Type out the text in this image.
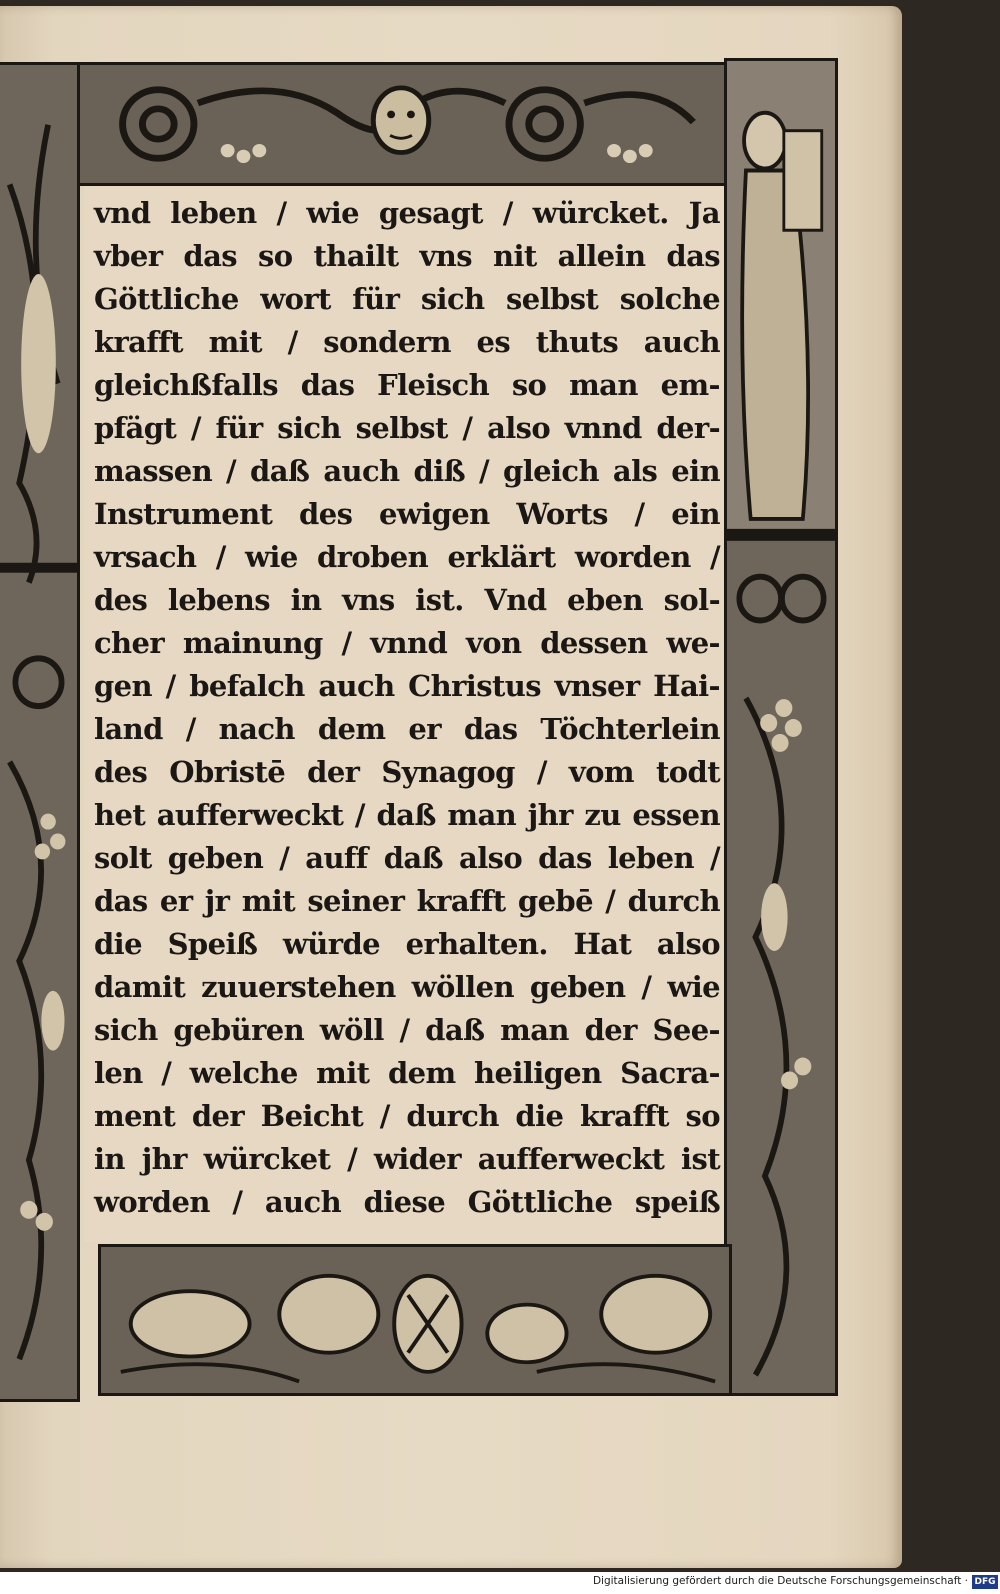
vnd leben / wie gesagt / würcket. Ja
vber das so thailt vns nit allein das
Göttliche wort für sich selbst solche
krafft mit / sondern es thuts auch
gleichßfalls das Fleisch so man em-
pfägt / für sich selbst / also vnnd der-
massen / daß auch diß / gleich als ein
Instrument des ewigen Worts / ein
vrsach / wie droben erklärt worden /
des lebens in vns ist. Vnd eben sol-
cher mainung / vnnd von dessen we-
gen / befalch auch Christus vnser Hai-
land / nach dem er das Töchterlein
des Obristē der Synagog / vom todt
het aufferweckt / daß man jhr zu essen
solt geben / auff daß also das leben /
das er jr mit seiner krafft gebē / durch
die Speiß würde erhalten. Hat also
damit zuuerstehen wöllen geben / wie
sich gebüren wöll / daß man der See-
len / welche mit dem heiligen Sacra-
ment der Beicht / durch die krafft so
in jhr würcket / wider aufferweckt ist
worden / auch diese Göttliche speiß
Digitalisierung gefördert durch die Deutsche Forschungsgemeinschaft · DFG
